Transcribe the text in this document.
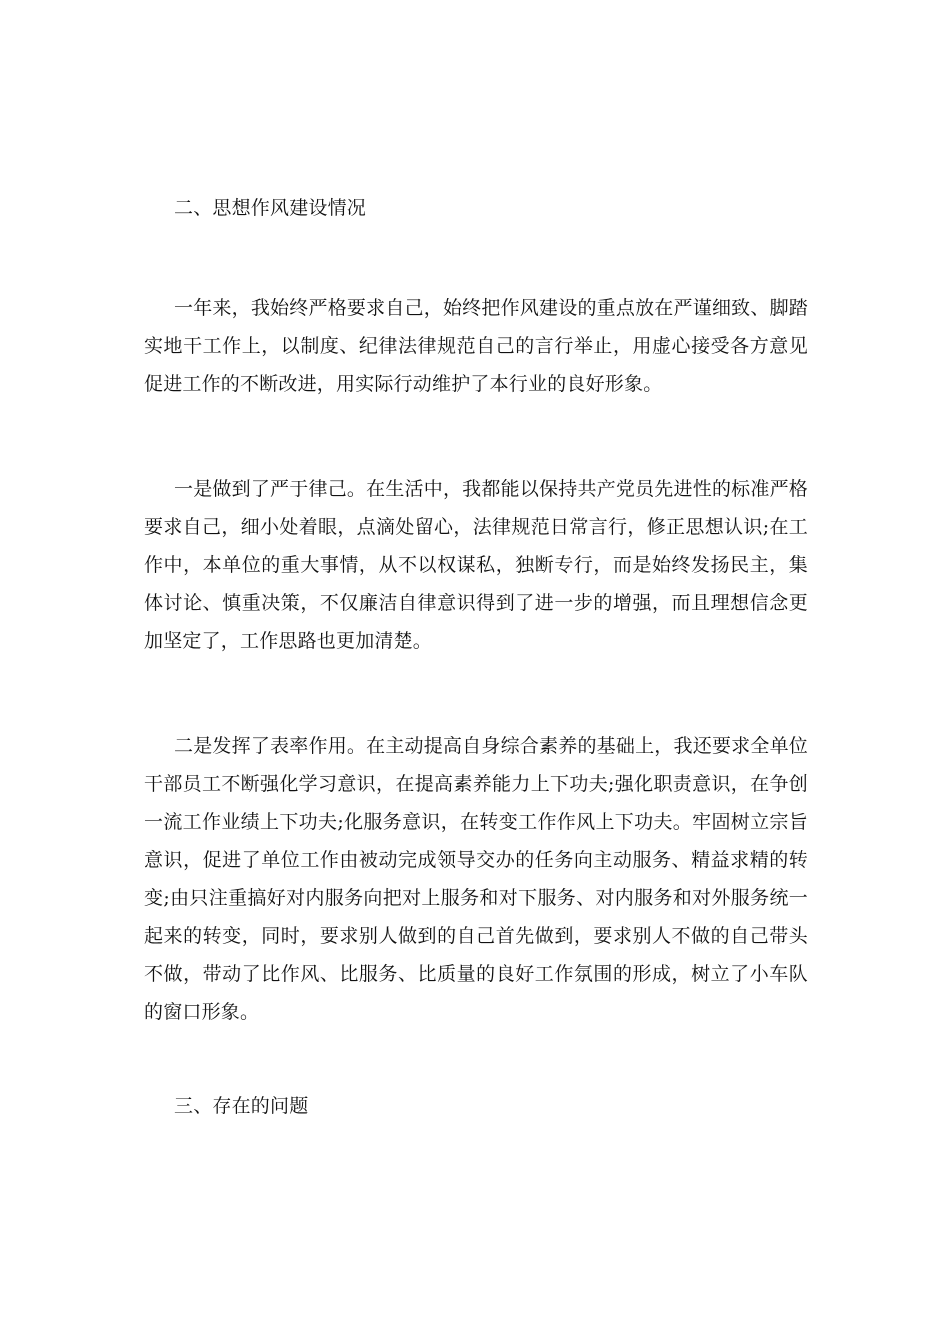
二、思想作风建设情况

一年来，我始终严格要求自己，始终把作风建设的重点放在严谨细致、脚踏实地干工作上，以制度、纪律法律规范自己的言行举止，用虚心接受各方意见促进工作的不断改进，用实际行动维护了本行业的良好形象。

一是做到了严于律己。在生活中，我都能以保持共产党员先进性的标准严格要求自己，细小处着眼，点滴处留心，法律规范日常言行，修正思想认识;在工作中，本单位的重大事情，从不以权谋私，独断专行，而是始终发扬民主，集体讨论、慎重决策，不仅廉洁自律意识得到了进一步的增强，而且理想信念更加坚定了，工作思路也更加清楚。

二是发挥了表率作用。在主动提高自身综合素养的基础上，我还要求全单位干部员工不断强化学习意识，在提高素养能力上下功夫;强化职责意识，在争创一流工作业绩上下功夫;化服务意识，在转变工作作风上下功夫。牢固树立宗旨意识，促进了单位工作由被动完成领导交办的任务向主动服务、精益求精的转变;由只注重搞好对内服务向把对上服务和对下服务、对内服务和对外服务统一起来的转变，同时，要求别人做到的自己首先做到，要求别人不做的自己带头不做，带动了比作风、比服务、比质量的良好工作氛围的形成，树立了小车队的窗口形象。

三、存在的问题
